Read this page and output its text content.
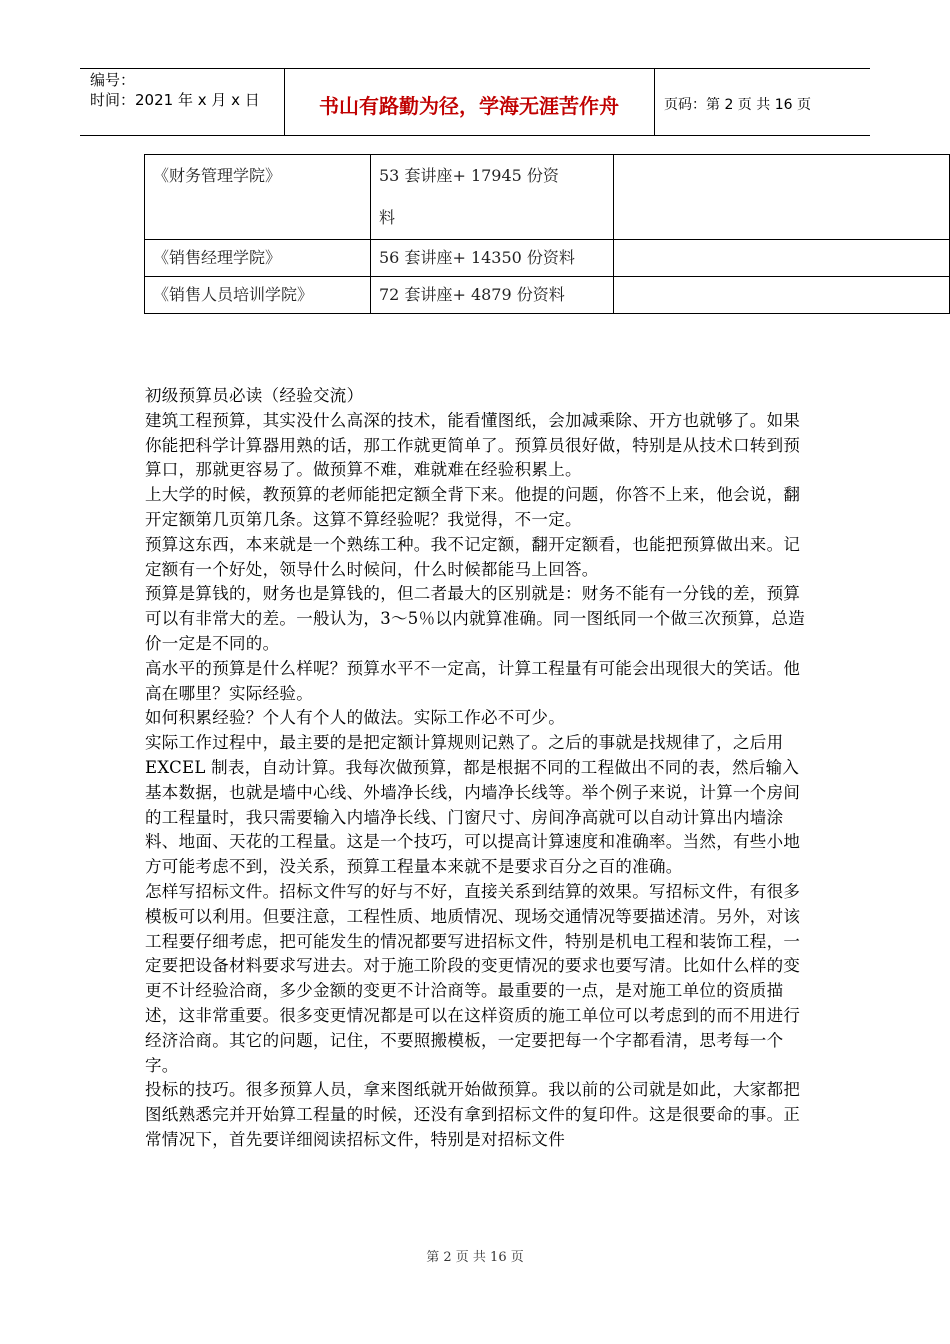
编号：
时间：2021 年 x 月 x 日	书山有路勤为径，学海无涯苦作舟	页码：第 2 页 共 16 页
《财务管理学院》	53 套讲座+ 17945 份资
料	

《销售经理学院》	56 套讲座+ 14350 份资料	
《销售人员培训学院》	72 套讲座+ 4879 份资料	

初级预算员必读（经验交流）

建筑工程预算，其实没什么高深的技术，能看懂图纸，会加减乘除、开方也就够了。如果你能把科学计算器用熟的话，那工作就更简单了。预算员很好做，特别是从技术口转到预算口，那就更容易了。做预算不难，难就难在经验积累上。

上大学的时候，教预算的老师能把定额全背下来。他提的问题，你答不上来，他会说，翻开定额第几页第几条。这算不算经验呢？我觉得，不一定。

预算这东西，本来就是一个熟练工种。我不记定额，翻开定额看，也能把预算做出来。记定额有一个好处，领导什么时候问，什么时候都能马上回答。

预算是算钱的，财务也是算钱的，但二者最大的区别就是：财务不能有一分钱的差，预算可以有非常大的差。一般认为，3～5％以内就算准确。同一图纸同一个做三次预算，总造价一定是不同的。

高水平的预算是什么样呢？预算水平不一定高，计算工程量有可能会出现很大的笑话。他高在哪里？实际经验。

如何积累经验？个人有个人的做法。实际工作必不可少。

实际工作过程中，最主要的是把定额计算规则记熟了。之后的事就是找规律了，之后用 EXCEL 制表，自动计算。我每次做预算，都是根据不同的工程做出不同的表，然后输入基本数据，也就是墙中心线、外墙净长线，内墙净长线等。举个例子来说，计算一个房间的工程量时，我只需要输入内墙净长线、门窗尺寸、房间净高就可以自动计算出内墙涂料、地面、天花的工程量。这是一个技巧，可以提高计算速度和准确率。当然，有些小地方可能考虑不到，没关系，预算工程量本来就不是要求百分之百的准确。

怎样写招标文件。招标文件写的好与不好，直接关系到结算的效果。写招标文件，有很多模板可以利用。但要注意，工程性质、地质情况、现场交通情况等要描述清。另外，对该工程要仔细考虑，把可能发生的情况都要写进招标文件，特别是机电工程和装饰工程，一定要把设备材料要求写进去。对于施工阶段的变更情况的要求也要写清。比如什么样的变更不计经验洽商，多少金额的变更不计洽商等。最重要的一点，是对施工单位的资质描述，这非常重要。很多变更情况都是可以在这样资质的施工单位可以考虑到的而不用进行经济洽商。其它的问题，记住，不要照搬模板，一定要把每一个字都看清，思考每一个字。

投标的技巧。很多预算人员，拿来图纸就开始做预算。我以前的公司就是如此，大家都把图纸熟悉完并开始算工程量的时候，还没有拿到招标文件的复印件。这是很要命的事。正常情况下，首先要详细阅读招标文件，特别是对招标文件

第 2 页 共 16 页
